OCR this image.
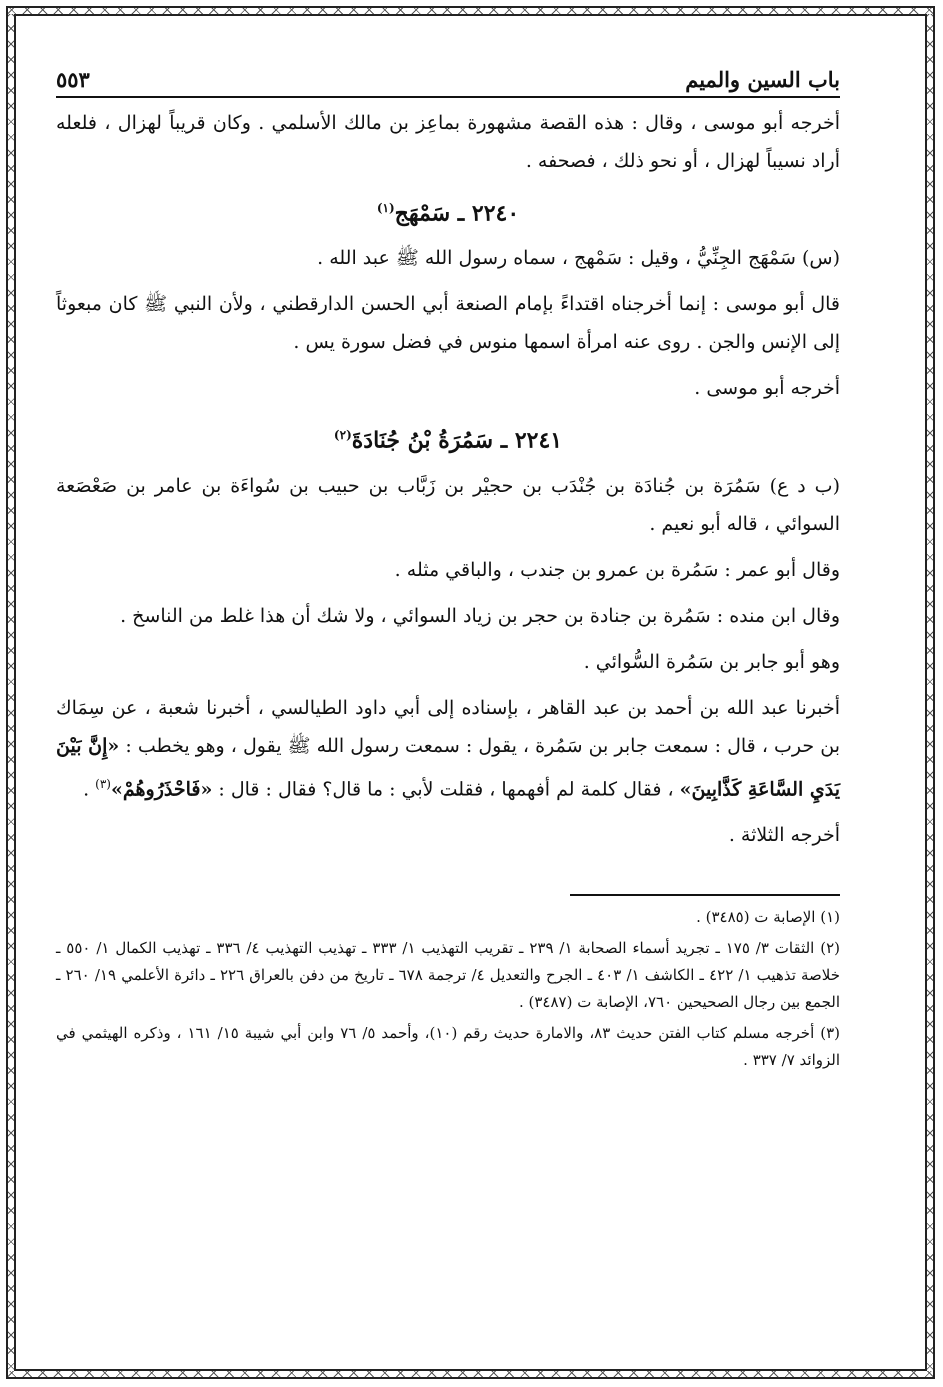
باب السين والميم
٥٥٣

أخرجه أبو موسى ، وقال : هذه القصة مشهورة بماعِز بن مالك الأسلمي . وكان قريباً لهزال ، فلعله أراد نسيباً لهزال ، أو نحو ذلك ، فصحفه .

٢٢٤٠ ـ سَمْهَج$^{(١)}$

(س) سَمْهَج الجِنِّيُّ ، وقيل : سَمْهج ، سماه رسول الله ﷺ عبد الله .

قال أبو موسى : إنما أخرجناه اقتداءً بإمام الصنعة أبي الحسن الدارقطني ، ولأن النبي ﷺ كان مبعوثاً إلى الإنس والجن . روى عنه امرأة اسمها منوس في فضل سورة يس .

أخرجه أبو موسى .

٢٢٤١ ـ سَمُرَةُ بْنُ جُنَادَةَ$^{(٢)}$

(ب د ع) سَمُرَة بن جُنادَة بن جُنْدَب بن حجيْر بن زَبَّاب بن حبيب بن سُواءَة بن عامر بن صَعْصَعة السوائي ، قاله أبو نعيم .

وقال أبو عمر : سَمُرة بن عمرو بن جندب ، والباقي مثله .

وقال ابن منده : سَمُرة بن جنادة بن حجر بن زياد السوائي ، ولا شك أن هذا غلط من الناسخ .

وهو أبو جابر بن سَمُرة السُّوائي .

أخبرنا عبد الله بن أحمد بن عبد القاهر ، بإسناده إلى أبي داود الطيالسي ، أخبرنا شعبة ، عن سِمَاك بن حرب ، قال : سمعت جابر بن سَمُرة ، يقول : سمعت رسول الله ﷺ يقول ، وهو يخطب : «إِنَّ بَيْنَ يَدَيِ السَّاعَةِ كَذَّابِينَ» ، فقال كلمة لم أفهمها ، فقلت لأبي : ما قال؟ فقال : قال : «فَاحْذَرُوهُمْ»$^{(٣)}$ .

أخرجه الثلاثة .

(١) الإصابة ت (٣٤٨٥) .

(٢) الثقات ٣/ ١٧٥ ـ تجريد أسماء الصحابة ١/ ٢٣٩ ـ تقريب التهذيب ١/ ٣٣٣ ـ تهذيب التهذيب ٤/ ٣٣٦ ـ تهذيب الكمال ١/ ٥٥٠ ـ خلاصة تذهيب ١/ ٤٢٢ ـ الكاشف ١/ ٤٠٣ ـ الجرح والتعديل ٤/ ترجمة ٦٧٨ ـ تاريخ من دفن بالعراق ٢٢٦ ـ دائرة الأعلمي ١٩/ ٢٦٠ ـ الجمع بين رجال الصحيحين ٧٦٠، الإصابة ت (٣٤٨٧) .

(٣) أخرجه مسلم كتاب الفتن حديث ٨٣، والامارة حديث رقم (١٠)، وأحمد ٥/ ٧٦ وابن أبي شيبة ١٥/ ١٦١ ، وذكره الهيثمي في الزوائد ٧/ ٣٣٧ .
